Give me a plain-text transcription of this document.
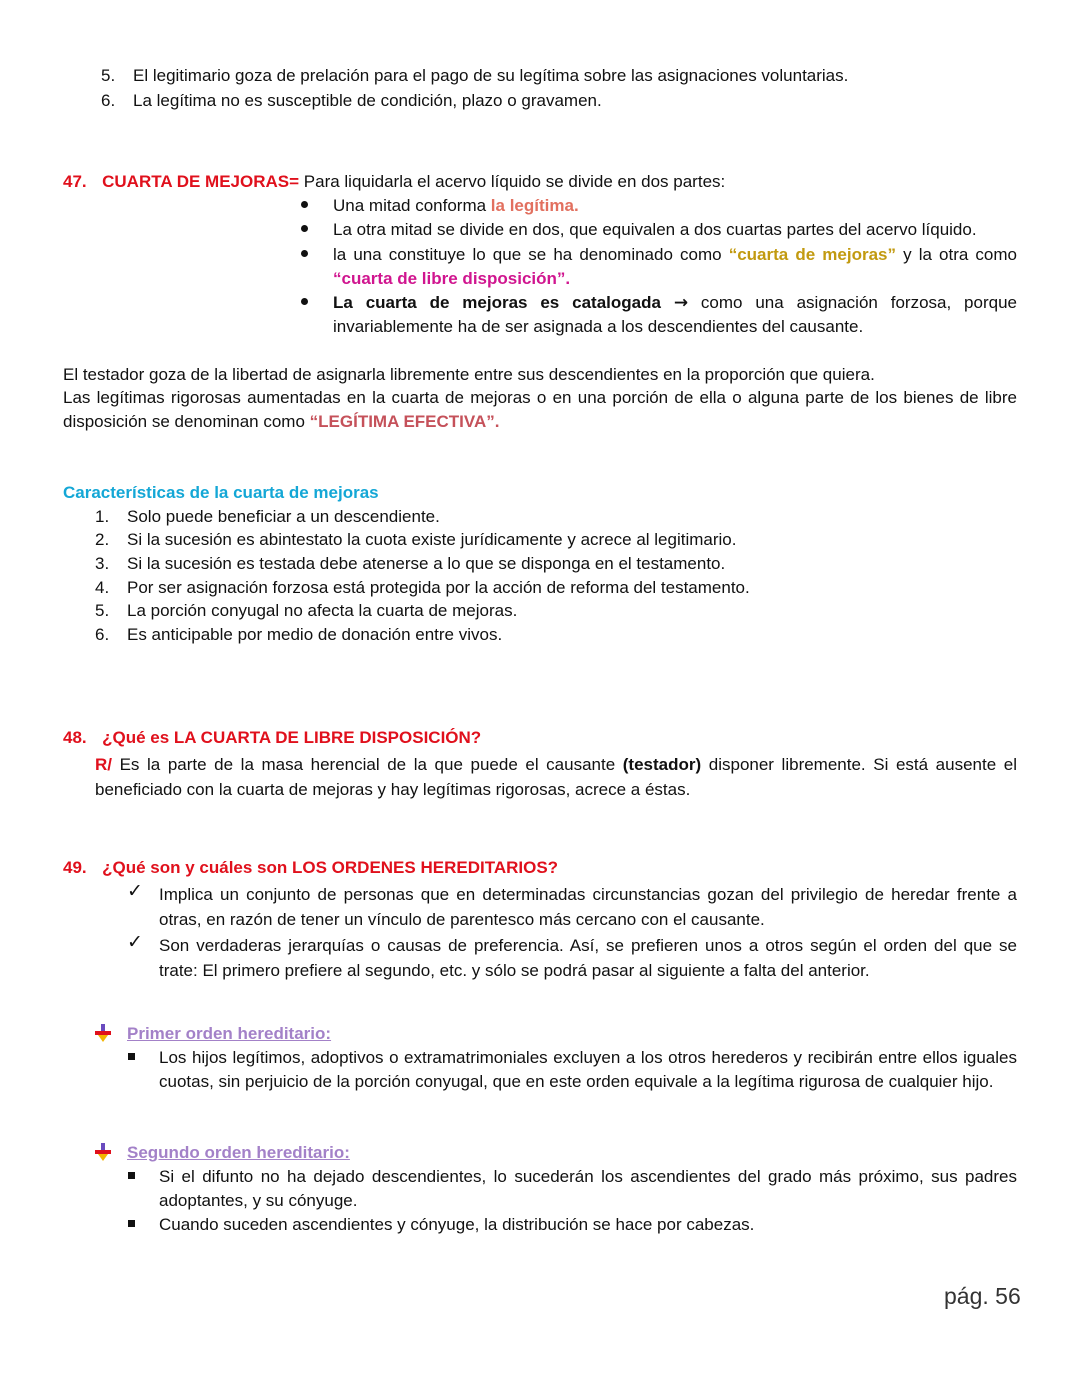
5. El legitimario goza de prelación para el pago de su legítima sobre las asignaciones voluntarias.
6. La legítima no es susceptible de condición, plazo o gravamen.
47. CUARTA DE MEJORAS= Para liquidarla el acervo líquido se divide en dos partes:
Una mitad conforma la legítima.
La otra mitad se divide en dos, que equivalen a dos cuartas partes del acervo líquido.
la una constituye lo que se ha denominado como “cuarta de mejoras” y la otra como “cuarta de libre disposición”.
La cuarta de mejoras es catalogada → como una asignación forzosa, porque invariablemente ha de ser asignada a los descendientes del causante.
El testador goza de la libertad de asignarla libremente entre sus descendientes en la proporción que quiera.
Las legítimas rigorosas aumentadas en la cuarta de mejoras o en una porción de ella o alguna parte de los bienes de libre disposición se denominan como “LEGÍTIMA EFECTIVA”.
Características de la cuarta de mejoras
1. Solo puede beneficiar a un descendiente.
2. Si la sucesión es abintestato la cuota existe jurídicamente y acrece al legitimario.
3. Si la sucesión es testada debe atenerse a lo que se disponga en el testamento.
4. Por ser asignación forzosa está protegida por la acción de reforma del testamento.
5. La porción conyugal no afecta la cuarta de mejoras.
6. Es anticipable por medio de donación entre vivos.
48. ¿Qué es LA CUARTA DE LIBRE DISPOSICIÓN?
R/ Es la parte de la masa herencial de la que puede el causante (testador) disponer libremente. Si está ausente el beneficiado con la cuarta de mejoras y hay legítimas rigorosas, acrece a éstas.
49. ¿Qué son y cuáles son LOS ORDENES HEREDITARIOS?
✓ Implica un conjunto de personas que en determinadas circunstancias gozan del privilegio de heredar frente a otras, en razón de tener un vínculo de parentesco más cercano con el causante.
✓ Son verdaderas jerarquías o causas de preferencia. Así, se prefieren unos a otros según el orden del que se trate: El primero prefiere al segundo, etc. y sólo se podrá pasar al siguiente a falta del anterior.
Primer orden hereditario:
Los hijos legítimos, adoptivos o extramatrimoniales excluyen a los otros herederos y recibirán entre ellos iguales cuotas, sin perjuicio de la porción conyugal, que en este orden equivale a la legítima rigurosa de cualquier hijo.
Segundo orden hereditario:
Si el difunto no ha dejado descendientes, lo sucederán los ascendientes del grado más próximo, sus padres adoptantes, y su cónyuge.
Cuando suceden ascendientes y cónyuge, la distribución se hace por cabezas.
pág. 56
